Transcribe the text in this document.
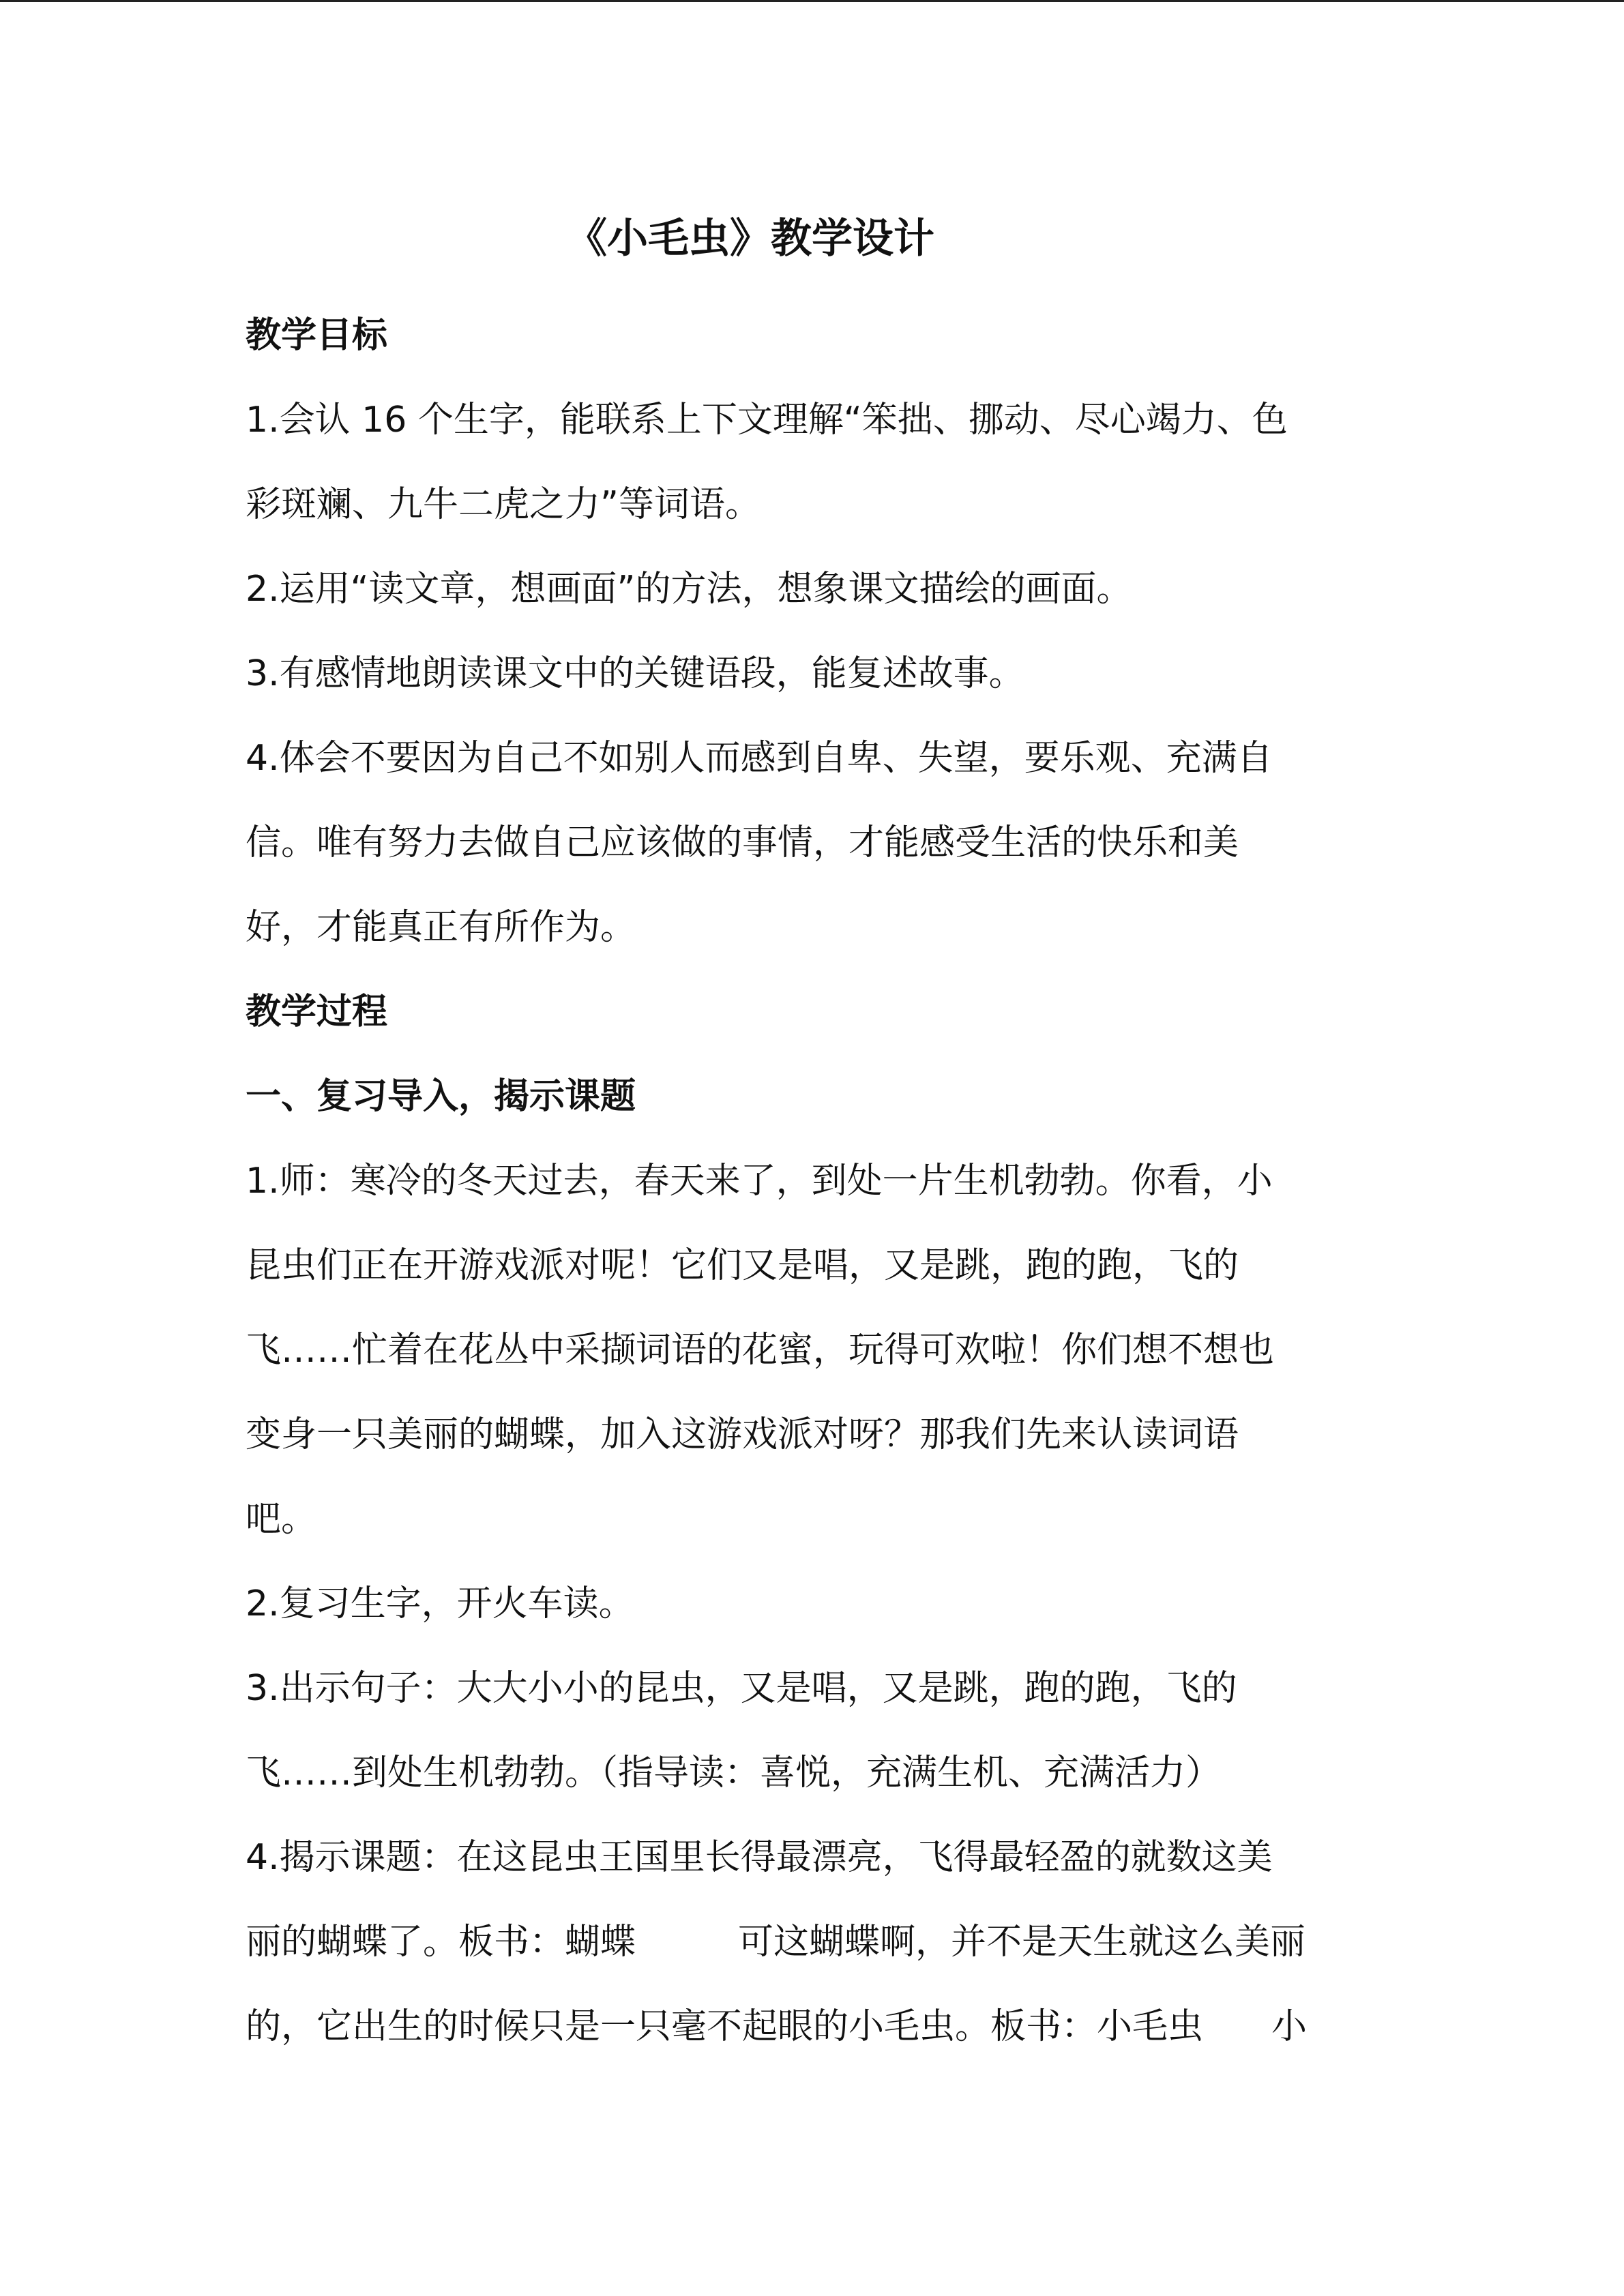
《小毛虫》教学设计
教学目标
1.会认 16 个生字，能联系上下文理解“笨拙、挪动、尽心竭力、色
彩斑斓、九牛二虎之力”等词语。
2.运用“读文章，想画面”的方法，想象课文描绘的画面。
3.有感情地朗读课文中的关键语段，能复述故事。
4.体会不要因为自己不如别人而感到自卑、失望，要乐观、充满自
信。唯有努力去做自己应该做的事情，才能感受生活的快乐和美
好，才能真正有所作为。
教学过程
一、复习导入，揭示课题
1.师：寒冷的冬天过去，春天来了，到处一片生机勃勃。你看，小
昆虫们正在开游戏派对呢！它们又是唱，又是跳，跑的跑，飞的
飞……忙着在花丛中采撷词语的花蜜，玩得可欢啦！你们想不想也
变身一只美丽的蝴蝶，加入这游戏派对呀？那我们先来认读词语
吧。
2.复习生字，开火车读。
3.出示句子：大大小小的昆虫，又是唱，又是跳，跑的跑，飞的
飞……到处生机勃勃。（指导读：喜悦，充满生机、充满活力）
4.揭示课题：在这昆虫王国里长得最漂亮，飞得最轻盈的就数这美
丽的蝴蝶了。板书：蝴蝶	可这蝴蝶啊，并不是天生就这么美丽
的，它出生的时候只是一只毫不起眼的小毛虫。板书：小毛虫 小
